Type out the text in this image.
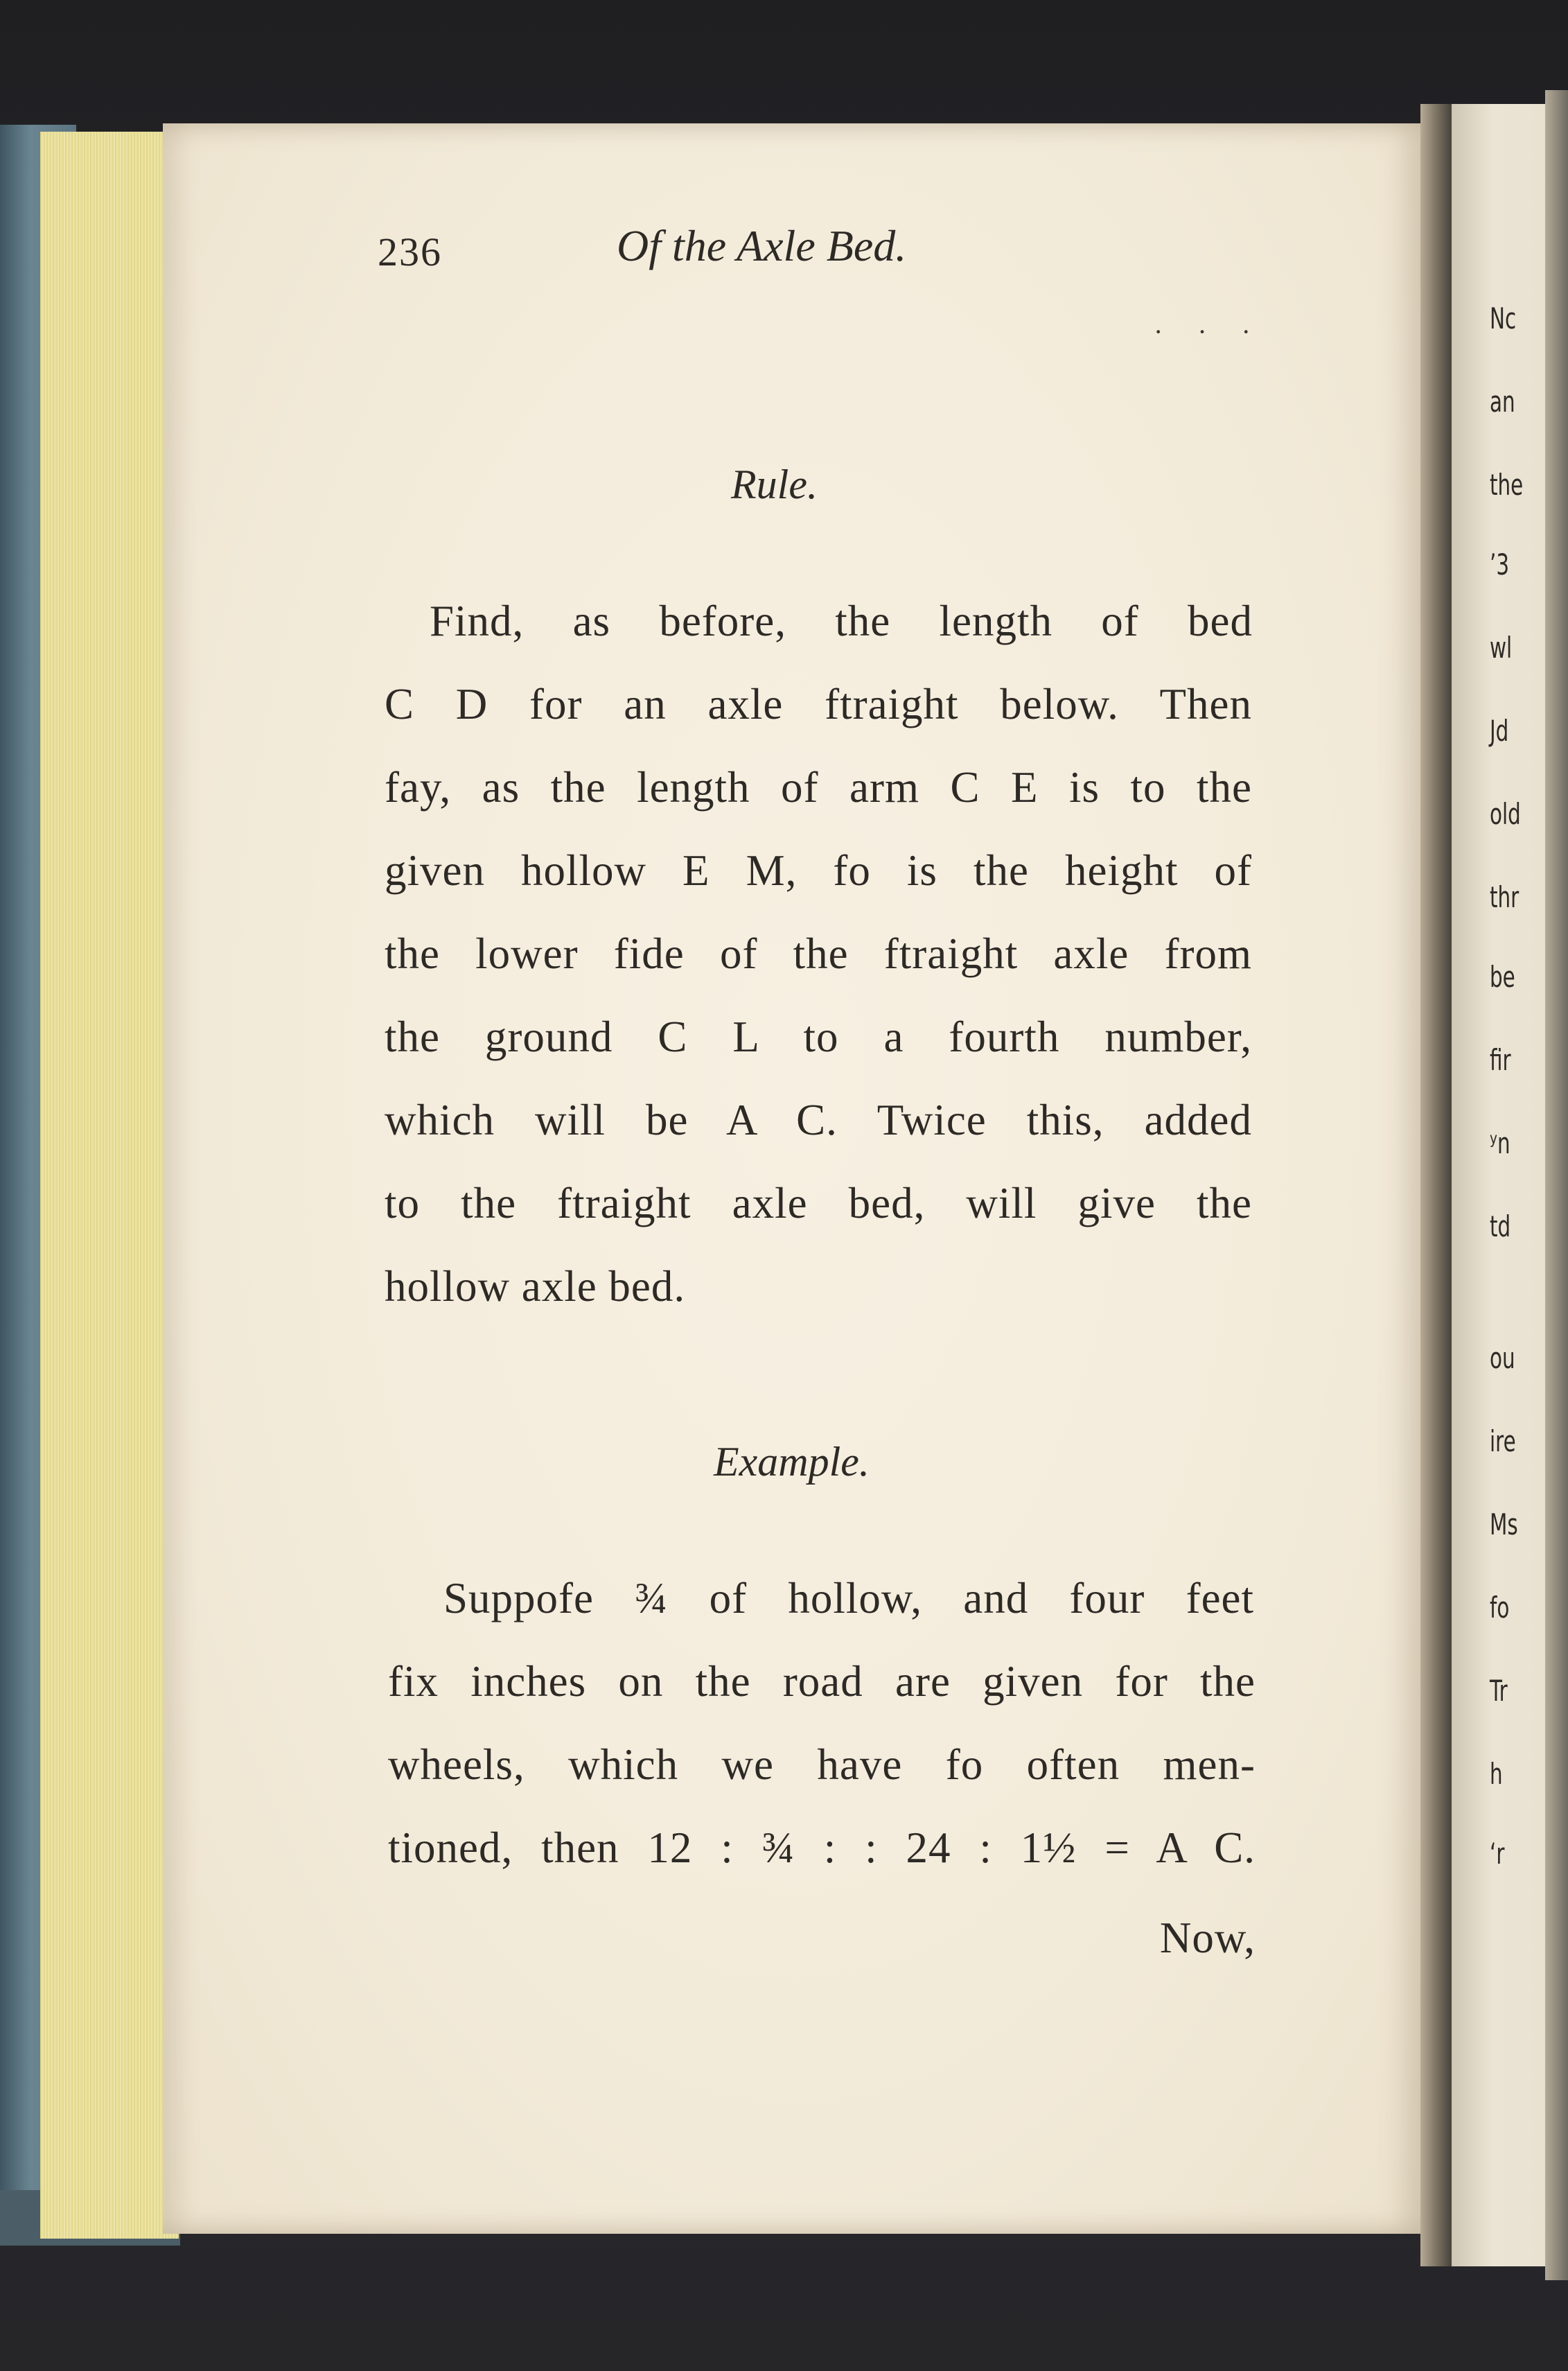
236	Of the Axle Bed.
· · ·
Rule.
Find, as before, the length of bed
C D for an axle ftraight below. Then
fay, as the length of arm C E is to the
given hollow E M, fo is the height of
the lower fide of the ftraight axle from
the ground C L to a fourth number,
which will be A C. Twice this, added
to the ftraight axle bed, will give the
hollow axle bed.
Example.
Suppofe ¾ of hollow, and four feet
fix inches on the road are given for the
wheels, which we have fo often men-
tioned, then 12 : ¾ : : 24 : 1½ = A C.
Now,
Nc
an
the
ʼ3
wl
Jd
old
thr
be
fir
ʸn
td
ou
ire
Ms
fo
Tr
h
ʻr
